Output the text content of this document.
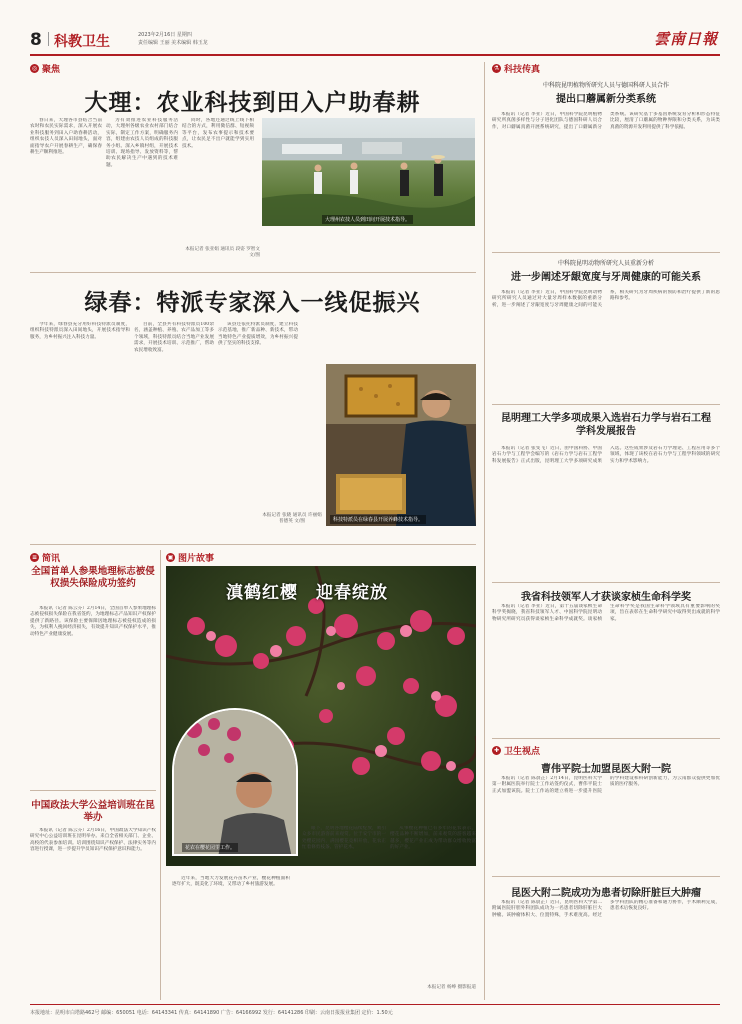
8 科教卫生	2023年2月16日 星期四
责任编辑 王丽 美术编辑 韩玉龙	雲南日報
◎ 聚焦
大理：农业科技到田入户助春耕

春日来，大理各市县结合当前农时和农民实际需求，深入开展农业科技服务到田入户助春耕活动，组织农技人员深入田间地头，面对面指导农户开展春耕生产，确保春耕生产顺利推进。

为有效推进农业科技服务活动，大理州各级农业农村部门结合实际，制定工作方案，明确服务内容，组建由农技人员组成的科技服务小组。深入乡镇村组，开展技术培训、现场指导、发放资料等，帮助农民解决生产中遇到的技术难题。

同时，各地还通过线上线下相结合的方式，利用微信群、短视频等平台，发布农事提示和技术要点，让农民足不出户就能学到实用技术。

大理州农技人员到田间开展技术指导。
本报记者 张亚娟 通讯员 段姿 罗智文 文/图
绿春：特派专家深入一线促振兴

今年来，绿春县充分用好科技特派员制度，组织科技特派员深入田间地头，开展技术指导和服务，为乡村振兴注入科技力量。

目前，全县共有科技特派员100余名，涵盖种植、养殖、农产品加工等多个领域，科技特派员结合当地产业发展需求，开展技术培训、示范推广，帮助农民增收致富。

该县还依托特派员制度，建立科技示范基地，推广新品种、新技术，带动当地特色产业提质增效，为乡村振兴提供了坚实的科技支撑。

科技特派员在绿春县开展养蜂技术指导。
本报记者 张晓 通讯员 许丽娟 普德英 文/图
≡ 简讯
全国首单人参果地理标志被侵权损失保险成功签约

本报讯（记者 陈云芬）2月14日，全国首单人参果地理标志被侵权损失保险在我省签约，为地理标志产品知识产权保护提供了新路径。该保险主要保障因地理标志被侵权造成的损失，为权利人挽回经济损失，有效提升知识产权保护水平，推动特色产业健康发展。

中国政法大学公益培训班在昆举办

本报讯（记者 陈云芬）2月16日，中国政法大学知识产权研究中心公益培训班在昆明举办。来自全省相关部门、企业、高校的代表参加培训。培训围绕知识产权保护、法律实务等内容进行授课，进一步提升学员知识产权保护意识和能力。

▣ 图片故事
滇鹤红樱　迎春绽放
花农在樱花园里工作。

眼下，昆明各地樱花陆续绽放，吸引众多市民游客前来观赏。位于安宁市的一处樱花园内，满园樱花竞相开放，花农正忙着修剪枝条、管护花木。

从事樱花种植已有多年的花农表示，樱花品种不断增加，前来观赏的游客越来越多，樱花产业正成为带动群众增收致富的好产业。

近年来，当地大力发展花卉苗木产业，樱花种植面积逐年扩大，既美化了环境，又带动了乡村旅游发展。

本报记者 杨峥 摄影报道
⚗ 科技传真
中科院昆明植物所研究人员与德国科研人员合作
提出口蘑属新分类系统

本报讯（记者 李亚）近日，中国科学院昆明植物研究所真菌多样性与分子进化团队与德国科研人员合作，对口蘑属真菌开展系统研究，提出了口蘑属新分类系统。该研究基于多基因系统发育分析和形态特征比较，厘清了口蘑属的物种界限和分类关系，为该类真菌的资源开发利用提供了科学依据。

中科院昆明动物所研究人员重新分析
进一步阐述牙龈宽度与牙周健康的可能关系

本报讯（记者 李亚）近日，中国科学院昆明动物研究所研究人员通过对大量牙周样本数据的重新分析，进一步阐述了牙龈宽度与牙周健康之间的可能关系，相关研究为牙周疾病的预防和治疗提供了新的思路和参考。

昆明理工大学多项成果入选岩石力学与岩石工程学科发展报告

本报讯（记者 张雯飞）近日，由中国科协、中国岩石力学与工程学会编写的《岩石力学与岩石工程学科发展报告》正式出版，昆明理工大学多项研究成果入选。这些成果涉及岩石力学理论、工程应用等多个领域，体现了该校在岩石力学与工程学科领域的研究实力和学术影响力。

我省科技领军人才获谈家桢生命科学奖

本报讯（记者 李亚）近日，第十五届谈家桢生命科学奖揭晓，我省科技领军人才、中国科学院昆明动物研究所研究员获得谈家桢生命科学成就奖。谈家桢生命科学奖是我国生命科学领域具有重要影响的奖项，旨在表彰在生命科学研究中取得突出成就的科学家。

✚ 卫生视点
曹伟平院士加盟昆医大附一院

本报讯（记者 陈晨芷）2月14日，昆明医科大学第一附属医院举行院士工作站签约仪式，曹伟平院士正式加盟该院。院士工作站的建立将进一步提升医院的学科建设和科研创新能力，为云南群众提供更加优质的医疗服务。

昆医大附二院成功为患者切除肝脏巨大肿瘤

本报讯（记者 陈晨芷）近日，昆明医科大学第二附属医院肝胆外科团队成功为一名患者切除肝脏巨大肿瘤。该肿瘤体积大、位置特殊，手术难度高。经过多学科团队的精心准备和通力协作，手术顺利完成，患者术后恢复良好。

本报地址：昆明市白塔路462号 邮编：650051 电话：64143341 传真：64141890 广告：64166992 发行：64141286 印刷：云南日报报业集团 定价：1.50元
